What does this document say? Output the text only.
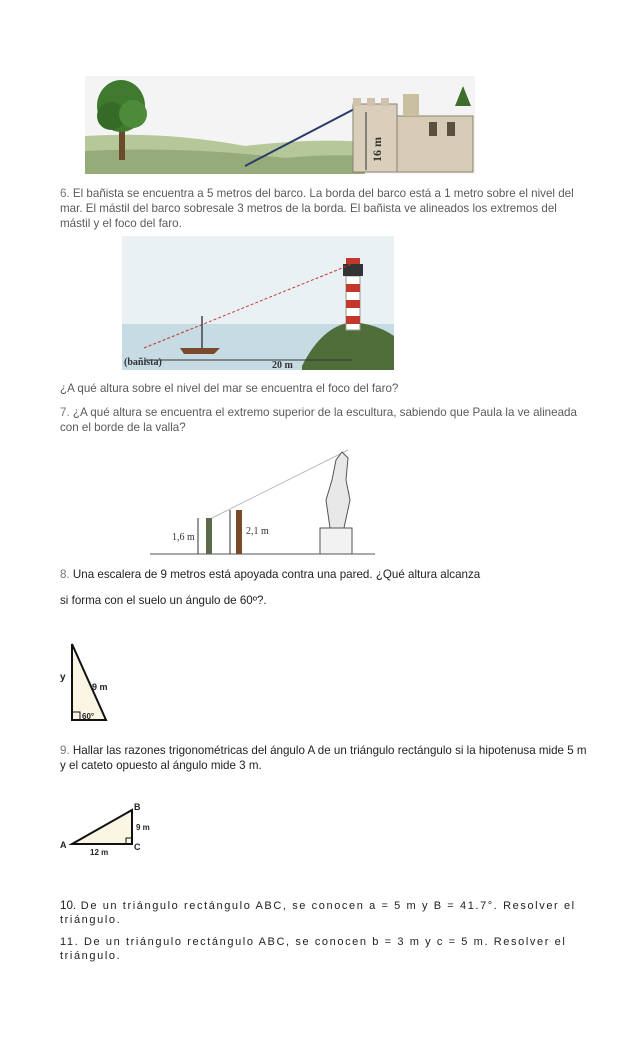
16 m
6. El bañista se encuentra a 5 metros del barco. La borda del barco está a 1 metro sobre el nivel del mar. El mástil del barco sobresale 3 metros de la borda. El bañista ve alineados los extremos del mástil y el foco del faro.
(bañista)	20 m
¿A qué altura sobre el nivel del mar se encuentra el foco del faro?
7. ¿A qué altura se encuentra el extremo superior de la escultura, sabiendo que Paula la ve alineada con el borde de la valla?
1,6 m
2,1 m
8. Una escalera de 9 metros está apoyada contra una pared. ¿Qué altura alcanza
si forma con el suelo un ángulo de 60º?.
y
9 m
60°
9. Hallar las razones trigonométricas del ángulo A de un triángulo rectángulo si la hipotenusa mide 5 m y el cateto opuesto al ángulo mide 3 m.
A
B
C
9 m
12 m
10. De un triángulo rectángulo ABC, se conocen a = 5 m y B = 41.7°. Resolver el triángulo.
11. De un triángulo rectángulo ABC, se conocen b = 3 m y c = 5 m. Resolver el triángulo.
